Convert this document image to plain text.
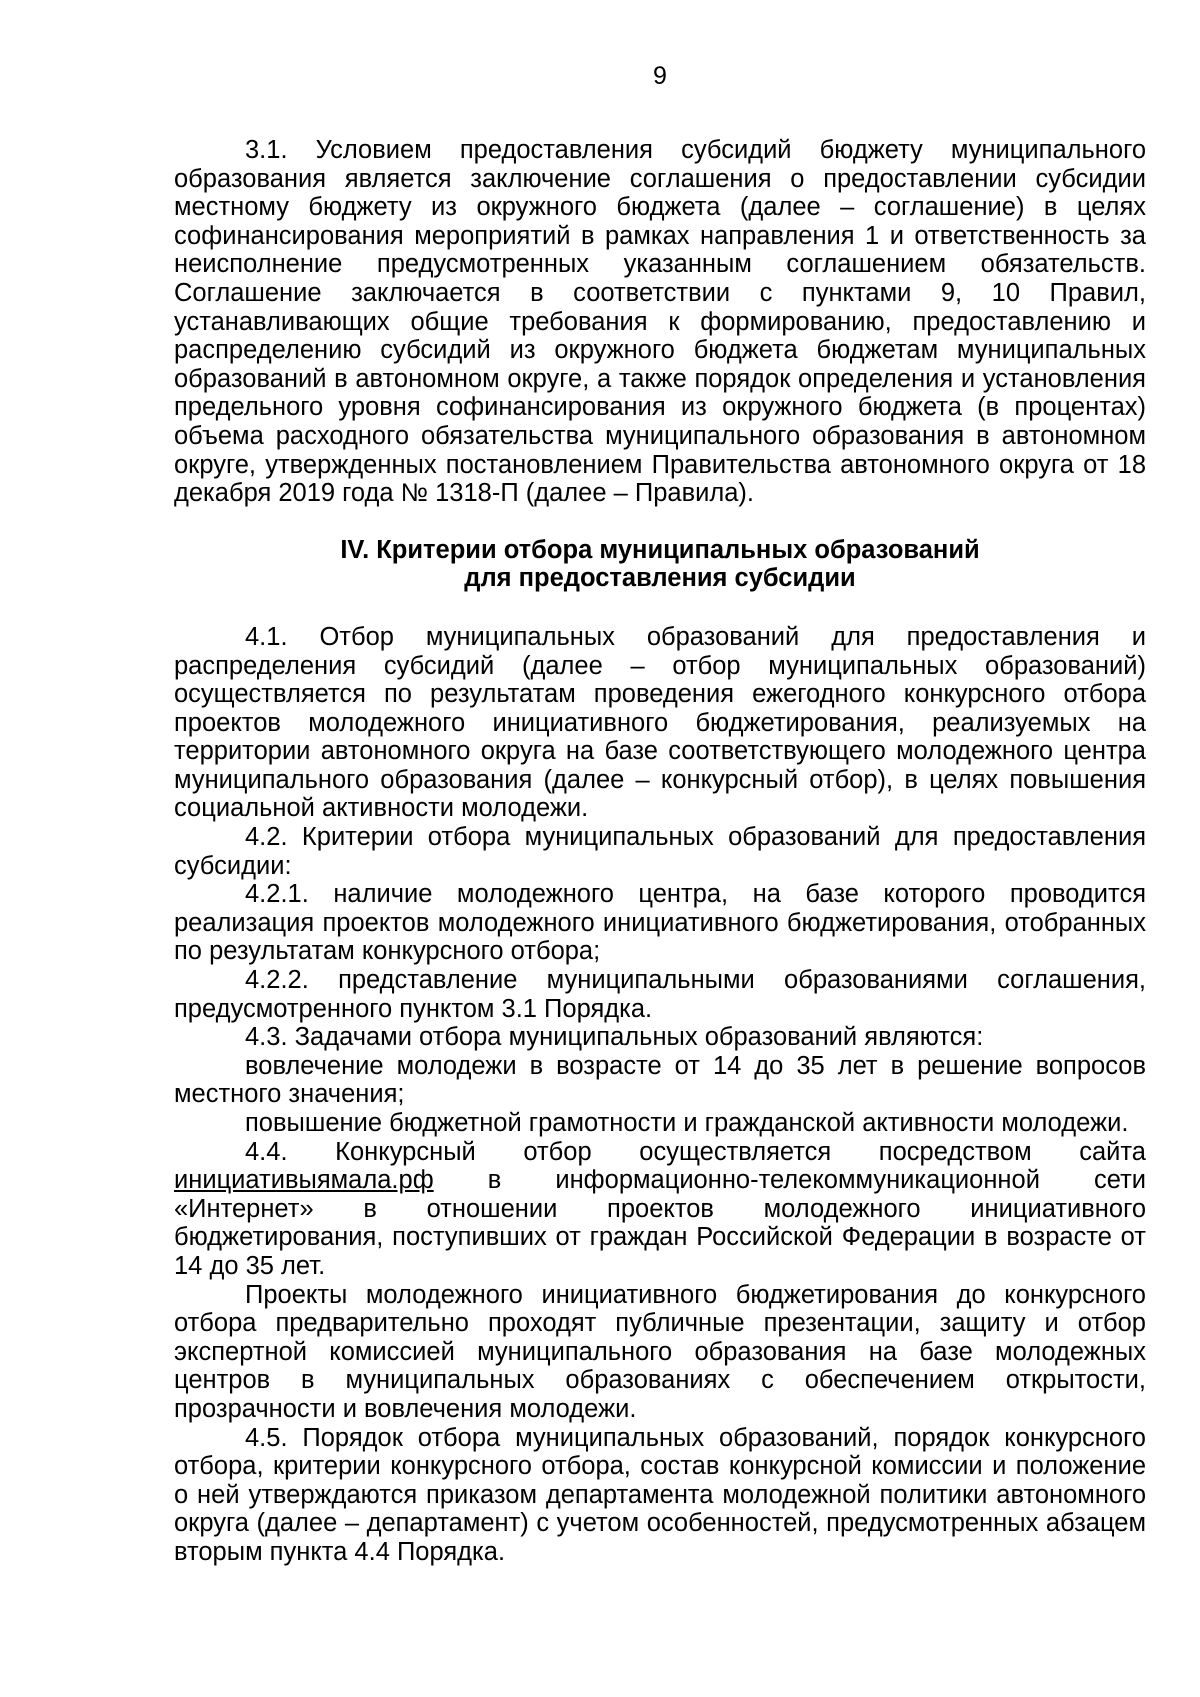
9

3.1. Условием предоставления субсидий бюджету муниципального образования является заключение соглашения о предоставлении субсидии местному бюджету из окружного бюджета (далее – соглашение) в целях софинансирования мероприятий в рамках направления 1 и ответственность за неисполнение предусмотренных указанным соглашением обязательств. Соглашение заключается в соответствии с пунктами 9, 10 Правил, устанавливающих общие требования к формированию, предоставлению и распределению субсидий из окружного бюджета бюджетам муниципальных образований в автономном округе, а также порядок определения и установления предельного уровня софинансирования из окружного бюджета (в процентах) объема расходного обязательства муниципального образования в автономном округе, утвержденных постановлением Правительства автономного округа от 18 декабря 2019 года № 1318-П (далее – Правила).

IV. Критерии отбора муниципальных образований
для предоставления субсидии

4.1. Отбор муниципальных образований для предоставления и распределения субсидий (далее – отбор муниципальных образований) осуществляется по результатам проведения ежегодного конкурсного отбора проектов молодежного инициативного бюджетирования, реализуемых на территории автономного округа на базе соответствующего молодежного центра муниципального образования (далее – конкурсный отбор), в целях повышения социальной активности молодежи.

4.2. Критерии отбора муниципальных образований для предоставления субсидии:

4.2.1. наличие молодежного центра, на базе которого проводится реализация проектов молодежного инициативного бюджетирования, отобранных по результатам конкурсного отбора;

4.2.2. представление муниципальными образованиями соглашения, предусмотренного пунктом 3.1 Порядка.

4.3. Задачами отбора муниципальных образований являются:

вовлечение молодежи в возрасте от 14 до 35 лет в решение вопросов местного значения;

повышение бюджетной грамотности и гражданской активности молодежи.

4.4. Конкурсный отбор осуществляется посредством сайта инициативыямала.рф в информационно-телекоммуникационной сети «Интернет» в отношении проектов молодежного инициативного бюджетирования, поступивших от граждан Российской Федерации в возрасте от 14 до 35 лет.

Проекты молодежного инициативного бюджетирования до конкурсного отбора предварительно проходят публичные презентации, защиту и отбор экспертной комиссией муниципального образования на базе молодежных центров в муниципальных образованиях с обеспечением открытости, прозрачности и вовлечения молодежи.

4.5. Порядок отбора муниципальных образований, порядок конкурсного отбора, критерии конкурсного отбора, состав конкурсной комиссии и положение о ней утверждаются приказом департамента молодежной политики автономного округа (далее – департамент) с учетом особенностей, предусмотренных абзацем вторым пункта 4.4 Порядка.
